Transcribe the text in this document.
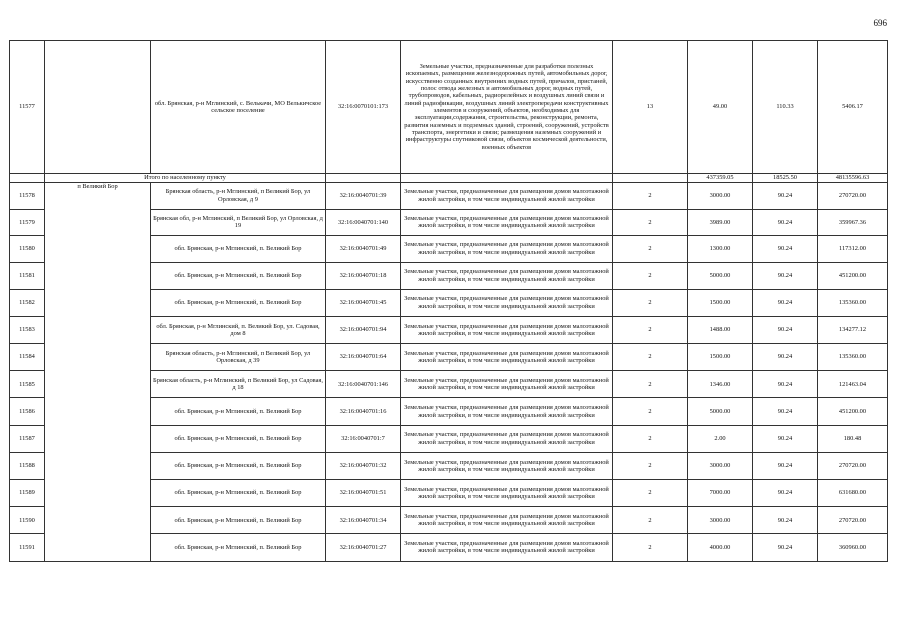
696
11577		обл. Брянская, р-н Мглинский, с. Велькачи, МО Велькичское сельское поселение	32:16:0070101:173	Земельные участки, предназначенные для разработки полезных ископаемых, размещения железнодорожных путей, автомобильных дорог, искусственно созданных внутренних водных путей, причалов, пристаней, полос отвода железных и автомобильных дорог, водных путей, трубопроводов, кабельных, радиорелейных и воздушных линий связи и линий радиофикации, воздушных линий электропередачи конструктивных элементов и сооружений, объектов, необходимых для эксплуатации,содержания, строительства, реконструкции, ремонта, развития наземных и подземных зданий, строений, сооружений, устройств транспорта, энергетики и связи; размещения наземных сооружений и инфраструктуры спутниковой связи, объектов космической деятельности, военных объектов	13	49.00	110.33	5406.17
	Итого по населенному пункту					437359.05	18525.50	48135596.63
11578	п Великий Бор	Брянская область, р-н Мглинский, п Великий Бор, ул Орловская, д 9	32:16:0040701:39	Земельные участки, предназначенные для размещения домов малоэтажной жилой застройки, в том числе индивидуальной жилой застройки	2	3000.00	90.24	270720.00
11579		Брянская обл, р-н Мглинский, п Великий Бор, ул Орловская, д 19	32:16:0040701:140	Земельные участки, предназначенные для размещения домов малоэтажной жилой застройки, в том числе индивидуальной жилой застройки	2	3989.00	90.24	359967.36
11580		обл. Брянская, р-н Мглинский, п. Великий Бор	32:16:0040701:49	Земельные участки, предназначенные для размещения домов малоэтажной жилой застройки, в том числе индивидуальной жилой застройки	2	1300.00	90.24	117312.00
11581		обл. Брянская, р-н Мглинский, п. Великий Бор	32:16:0040701:18	Земельные участки, предназначенные для размещения домов малоэтажной жилой застройки, в том числе индивидуальной жилой застройки	2	5000.00	90.24	451200.00
11582		обл. Брянская, р-н Мглинский, п. Великий Бор	32:16:0040701:45	Земельные участки, предназначенные для размещения домов малоэтажной жилой застройки, в том числе индивидуальной жилой застройки	2	1500.00	90.24	135360.00
11583		обл. Брянская, р-н Мглинский, п. Великий Бор, ул. Садовая, дом 8	32:16:0040701:94	Земельные участки, предназначенные для размещения домов малоэтажной жилой застройки, в том числе индивидуальной жилой застройки	2	1488.00	90.24	134277.12
11584		Брянская область, р-н Мглинский, п Великий Бор, ул Орловская, д 39	32:16:0040701:64	Земельные участки, предназначенные для размещения домов малоэтажной жилой застройки, в том числе индивидуальной жилой застройки	2	1500.00	90.24	135360.00
11585		Брянская область, р-н Мглинский, п Великий Бор, ул Садовая, д 18	32:16:0040701:146	Земельные участки, предназначенные для размещения домов малоэтажной жилой застройки, в том числе индивидуальной жилой застройки	2	1346.00	90.24	121463.04
11586		обл. Брянская, р-н Мглинский, п. Великий Бор	32:16:0040701:16	Земельные участки, предназначенные для размещения домов малоэтажной жилой застройки, в том числе индивидуальной жилой застройки	2	5000.00	90.24	451200.00
11587		обл. Брянская, р-н Мглинский, п. Великий Бор	32:16:0040701:7	Земельные участки, предназначенные для размещения домов малоэтажной жилой застройки, в том числе индивидуальной жилой застройки	2	2.00	90.24	180.48
11588		обл. Брянская, р-н Мглинский, п. Великий Бор	32:16:0040701:32	Земельные участки, предназначенные для размещения домов малоэтажной жилой застройки, в том числе индивидуальной жилой застройки	2	3000.00	90.24	270720.00
11589		обл. Брянская, р-н Мглинский, п. Великий Бор	32:16:0040701:51	Земельные участки, предназначенные для размещения домов малоэтажной жилой застройки, в том числе индивидуальной жилой застройки	2	7000.00	90.24	631680.00
11590		обл. Брянская, р-н Мглинский, п. Великий Бор	32:16:0040701:34	Земельные участки, предназначенные для размещения домов малоэтажной жилой застройки, в том числе индивидуальной жилой застройки	2	3000.00	90.24	270720.00
11591		обл. Брянская, р-н Мглинский, п. Великий Бор	32:16:0040701:27	Земельные участки, предназначенные для размещения домов малоэтажной жилой застройки, в том числе индивидуальной жилой застройки	2	4000.00	90.24	360960.00
